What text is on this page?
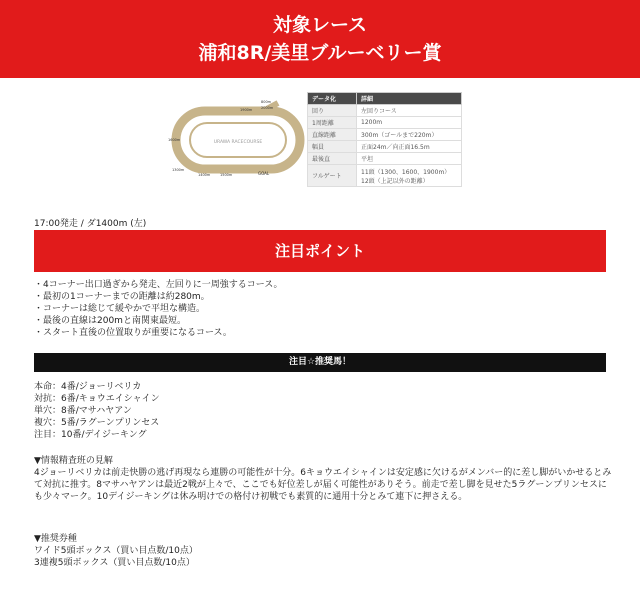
対象レース
浦和8R/美里ブルーベリー賞
URAWA RACECOURSE
GOAL
800m
2000m
1900m
1600m
1300m
1400m	1500m
データ化	詳細
回り	左回りコース
1周距離	1200m
直線距離	300m（ゴールまで220m）
幅員	正面24m／向正面16.5m
最後直	平坦
フルゲート	11頭（1300、1600、1900m）
12頭（上記以外の距離）
17:00発走 / ダ1400m (左)
注目ポイント
・4コーナー出口過ぎから発走、左回りに一周強するコース。
・最初の1コーナーまでの距離は約280m。
・コーナーは総じて緩やかで平坦な構造。
・最後の直線は200mと南関東最短。
・スタート直後の位置取りが重要になるコース。
注目☆推奨馬！
本命：4番/ジョーリベリカ
対抗：6番/キョウエイシャイン
単穴：8番/マサハヤアン
複穴：5番/ラグーンプリンセス
注目：10番/デイジーキング
▼情報精査班の見解
4ジョーリベリカは前走快勝の逃げ再現なら連勝の可能性が十分。6キョウエイシャインは安定感に欠けるがメンバー的に差し脚がいかせるとみて対抗に推す。8マサハヤアンは最近2戦が上々で、ここでも好位差しが届く可能性がありそう。前走で差し脚を見せた5ラグーンプリンセスにも少々マーク。10デイジーキングは休み明けでの格付け初戦でも素質的に通用十分とみて連下に押さえる。
▼推奨券種
ワイド5頭ボックス（買い目点数/10点）
3連複5頭ボックス（買い目点数/10点）
